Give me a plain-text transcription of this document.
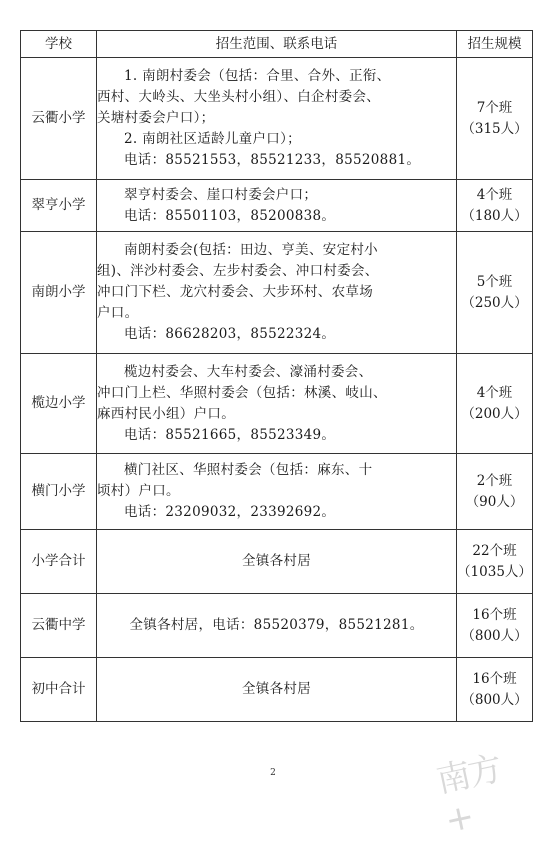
学校	招生范围、联系电话	招生规模
云衢小学	1. 南朗村委会（包括：合里、合外、正衔、
西村、大岭头、大坐头村小组）、白企村委会、
关塘村委会户口）；
2. 南朗社区适龄儿童户口）；
电话：85521553，85521233，85520881。	7个班
（315人）

翠亨小学	翠亨村委会、崖口村委会户口；
电话：85501103，85200838。	4个班
（180人）

南朗小学	南朗村委会(包括：田边、亨美、安定村小
组)、泮沙村委会、左步村委会、冲口村委会、
冲口门下栏、龙穴村委会、大步环村、农草场
户口。
电话：86628203，85522324。	5个班
（250人）

榄边小学	榄边村委会、大车村委会、濠涌村委会、
冲口门上栏、华照村委会（包括：林溪、岐山、
麻西村民小组）户口。
电话：85521665，85523349。	4个班
（200人）

横门小学	横门社区、华照村委会（包括：麻东、十
顷村）户口。
电话：23209032，23392692。	2个班
（90人）

小学合计	全镇各村居	22个班
（1035人）

云衢中学	全镇各村居，电话：85520379，85521281。	16个班
（800人）

初中合计	全镇各村居	16个班
（800人）
2	南方+
